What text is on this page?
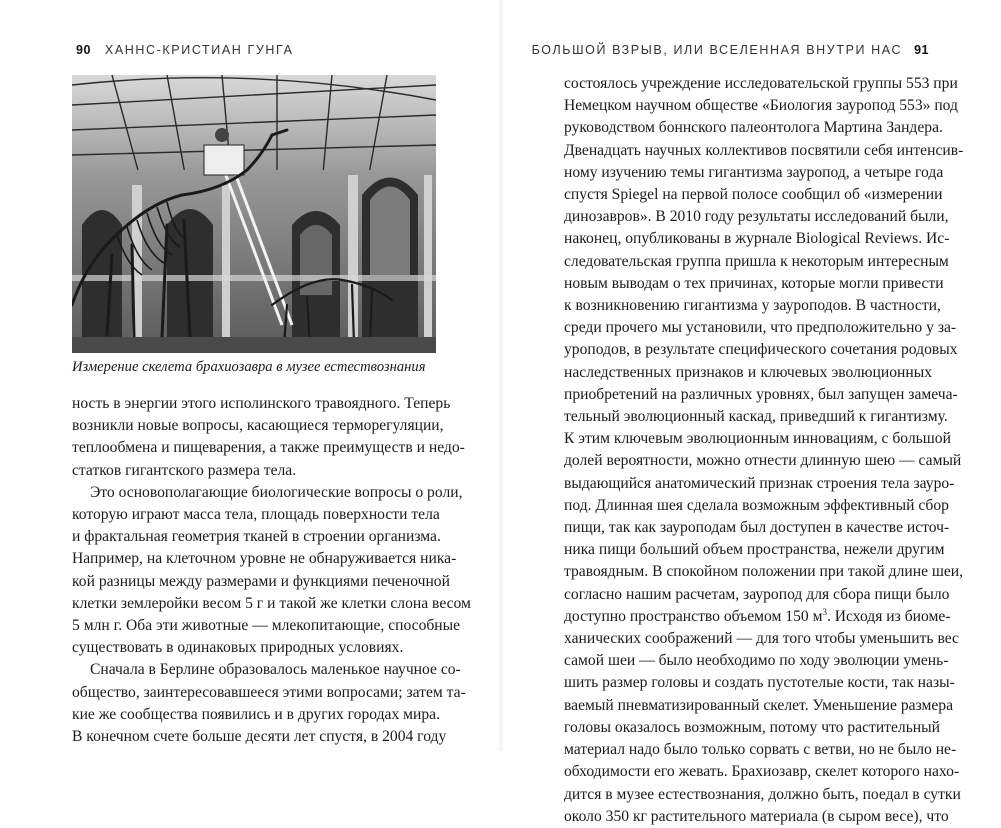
90 ХАННС-КРИСТИАН ГУНГА
Измерение скелета брахиозавра в музее естествознания
ность в энергии этого исполинского травоядного. Теперь
возникли новые вопросы, касающиеся терморегуляции,
теплообмена и пищеварения, а также преимуществ и недо-
статков гигантского размера тела.
Это основополагающие биологические вопросы о роли,
которую играют масса тела, площадь поверхности тела
и фрактальная геометрия тканей в строении организма.
Например, на клеточном уровне не обнаруживается ника-
кой разницы между размерами и функциями печеночной
клетки землеройки весом 5 г и такой же клетки слона весом
5 млн г. Оба эти животные — млекопитающие, способные
существовать в одинаковых природных условиях.
Сначала в Берлине образовалось маленькое научное со-
общество, заинтересовавшееся этими вопросами; затем та-
кие же сообщества появились и в других городах мира.
В конечном счете больше десяти лет спустя, в 2004 году
БОЛЬШОЙ ВЗРЫВ, ИЛИ ВСЕЛЕННАЯ ВНУТРИ НАС 91
состоялось учреждение исследовательской группы 553 при
Немецком научном обществе «Биология зауропод 553» под
руководством боннского палеонтолога Мартина Зандера.
Двенадцать научных коллективов посвятили себя интенсив-
ному изучению темы гигантизма зауропод, а четыре года
спустя Spiegel на первой полосе сообщил об «измерении
динозавров». В 2010 году результаты исследований были,
наконец, опубликованы в журнале Biological Reviews. Ис-
следовательская группа пришла к некоторым интересным
новым выводам о тех причинах, которые могли привести
к возникновению гигантизма у зауроподов. В частности,
среди прочего мы установили, что предположительно у за-
уроподов, в результате специфического сочетания родовых
наследственных признаков и ключевых эволюционных
приобретений на различных уровнях, был запущен замеча-
тельный эволюционный каскад, приведший к гигантизму.
К этим ключевым эволюционным инновациям, с большой
долей вероятности, можно отнести длинную шею — самый
выдающийся анатомический признак строения тела зауро-
под. Длинная шея сделала возможным эффективный сбор
пищи, так как зауроподам был доступен в качестве источ-
ника пищи больший объем пространства, нежели другим
травоядным. В спокойном положении при такой длине шеи,
согласно нашим расчетам, зауропод для сбора пищи было
доступно пространство объемом 150 $м^3$. Исходя из биоме-
ханических соображений — для того чтобы уменьшить вес
самой шеи — было необходимо по ходу эволюции умень-
шить размер головы и создать пустотелые кости, так назы-
ваемый пневматизированный скелет. Уменьшение размера
головы оказалось возможным, потому что растительный
материал надо было только сорвать с ветви, но не было не-
обходимости его жевать. Брахиозавр, скелет которого нахо-
дится в музее естествознания, должно быть, поедал в сутки
около 350 кг растительного материала (в сыром весе), что
